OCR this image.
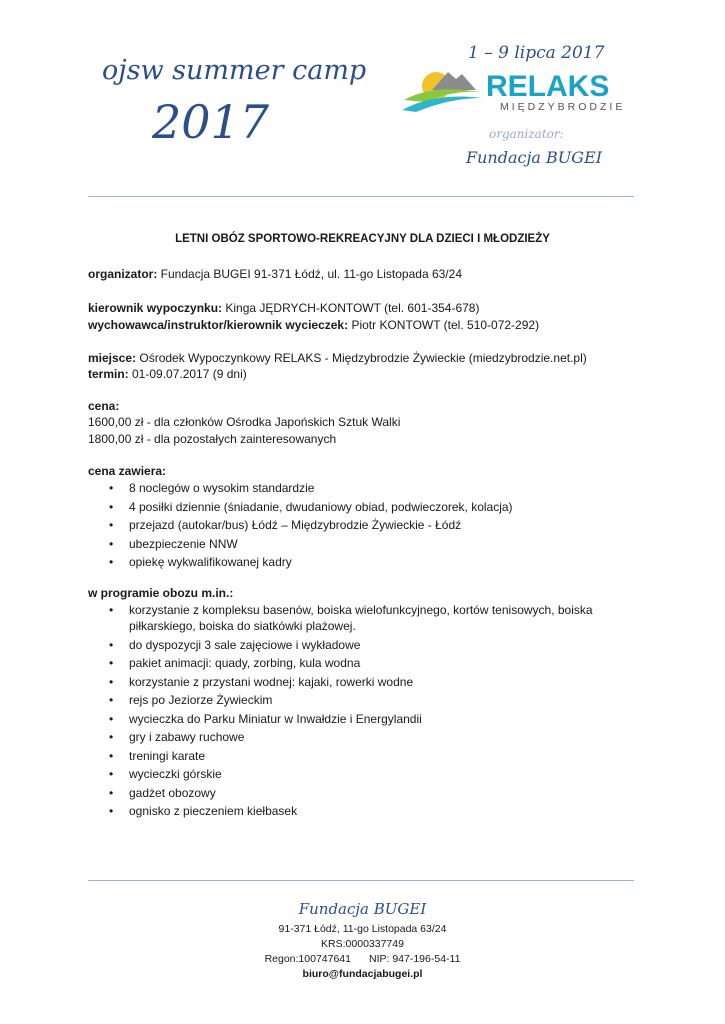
ojsw summer camp
2017
1 – 9 lipca 2017
RELAKS
MIĘDZYBRODZIE
organizator:
Fundacja BUGEI
LETNI OBÓZ SPORTOWO-REKREACYJNY DLA DZIECI I MŁODZIEŻY
organizator: Fundacja BUGEI 91-371 Łódź, ul. 11-go Listopada 63/24
kierownik wypoczynku: Kinga JĘDRYCH-KONTOWT (tel. 601-354-678)
wychowawca/instruktor/kierownik wycieczek: Piotr KONTOWT (tel. 510-072-292)
miejsce: Ośrodek Wypoczynkowy RELAKS - Międzybrodzie Żywieckie (miedzybrodzie.net.pl)
termin: 01-09.07.2017 (9 dni)
cena:
1600,00 zł - dla członków Ośrodka Japońskich Sztuk Walki
1800,00 zł - dla pozostałych zainteresowanych
cena zawiera:
• 8 noclegów o wysokim standardzie
• 4 posiłki dziennie (śniadanie, dwudaniowy obiad, podwieczorek, kolacja)
• przejazd (autokar/bus) Łódź – Międzybrodzie Żywieckie - Łódź
• ubezpieczenie NNW
• opiekę wykwalifikowanej kadry
w programie obozu m.in.:
• korzystanie z kompleksu basenów, boiska wielofunkcyjnego, kortów tenisowych, boiska piłkarskiego, boiska do siatkówki plażowej.
• do dyspozycji 3 sale zajęciowe i wykładowe
• pakiet animacji: quady, zorbing, kula wodna
• korzystanie z przystani wodnej: kajaki, rowerki wodne
• rejs po Jeziorze Żywieckim
• wycieczka do Parku Miniatur w Inwałdzie i Energylandii
• gry i zabawy ruchowe
• treningi karate
• wycieczki górskie
• gadżet obozowy
• ognisko z pieczeniem kiełbasek
Fundacja BUGEI
91-371 Łódź, 11-go Listopada 63/24
KRS:0000337749
Regon:100747641 NIP: 947-196-54-11
biuro@fundacjabugei.pl
